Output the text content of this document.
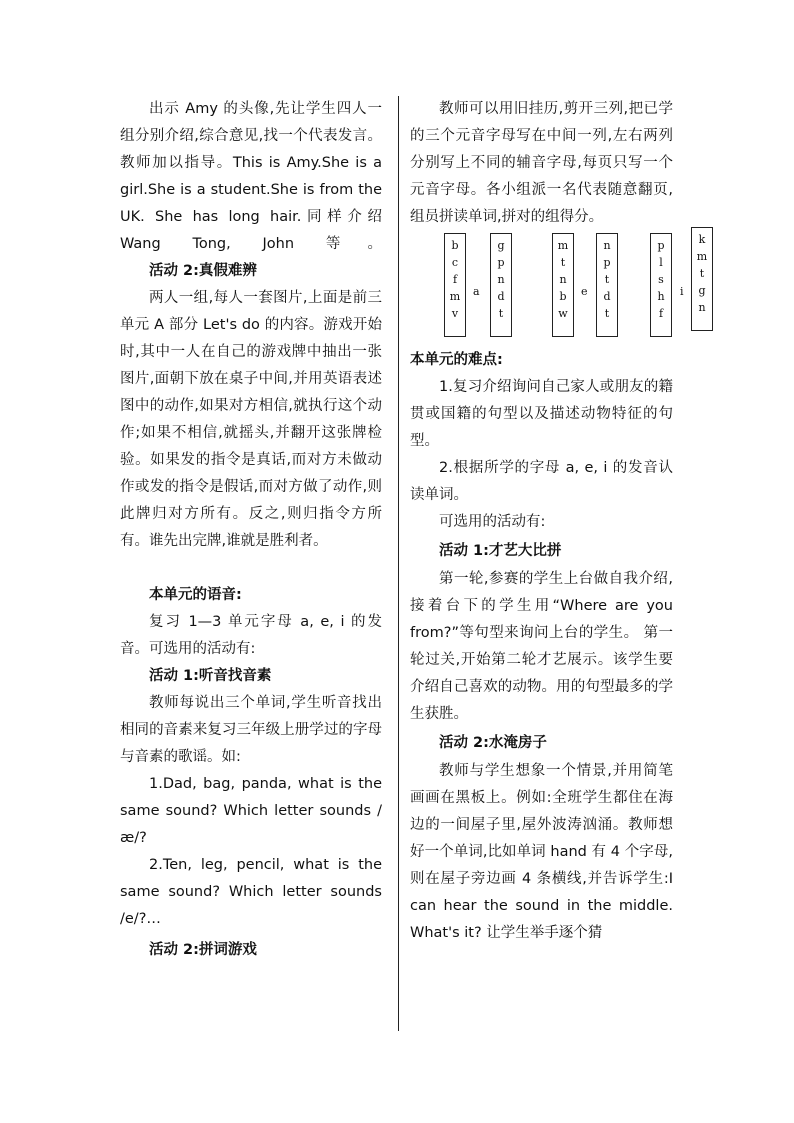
出示 Amy 的头像,先让学生四人一组分别介绍,综合意见,找一个代表发言。教师加以指导。This is Amy.She is a girl.She is a student.She is from the UK. She has long hair.同样介绍 Wang Tong, John 等。

活动 2:真假难辨

两人一组,每人一套图片,上面是前三单元 A 部分 Let's do 的内容。游戏开始时,其中一人在自己的游戏牌中抽出一张图片,面朝下放在桌子中间,并用英语表述图中的动作,如果对方相信,就执行这个动作;如果不相信,就摇头,并翻开这张牌检验。如果发的指令是真话,而对方未做动作或发的指令是假话,而对方做了动作,则此牌归对方所有。反之,则归指令方所有。谁先出完牌,谁就是胜利者。

本单元的语音:

复习 1—3 单元字母 a, e, i 的发音。可选用的活动有:

活动 1:听音找音素

教师每说出三个单词,学生听音找出相同的音素来复习三年级上册学过的字母与音素的歌谣。如:

1.Dad, bag, panda, what is the same sound? Which letter sounds /æ/?

2.Ten, leg, pencil, what is the same sound? Which letter sounds /e/?…

活动 2:拼词游戏

教师可以用旧挂历,剪开三列,把已学的三个元音字母写在中间一列,左右两列分别写上不同的辅音字母,每页只写一个元音字母。各小组派一名代表随意翻页,组员拼读单词,拼对的组得分。

b
c
f
m
v
a
g
p
n
d
t
m
t
n
b
w
e
n
p
t
d
t
p
l
s
h
f
i
k
m
t
g
n
本单元的难点:

1.复习介绍询问自己家人或朋友的籍贯或国籍的句型以及描述动物特征的句型。

2.根据所学的字母 a, e, i 的发音认读单词。

可选用的活动有:

活动 1:才艺大比拼

第一轮,参赛的学生上台做自我介绍,接着台下的学生用“Where are you from?”等句型来询问上台的学生。 第一轮过关,开始第二轮才艺展示。该学生要介绍自己喜欢的动物。用的句型最多的学生获胜。

活动 2:水淹房子

教师与学生想象一个情景,并用简笔画画在黑板上。例如:全班学生都住在海边的一间屋子里,屋外波涛汹涌。教师想好一个单词,比如单词 hand 有 4 个字母,则在屋子旁边画 4 条横线,并告诉学生:I can hear the sound in the middle. What's it? 让学生举手逐个猜
